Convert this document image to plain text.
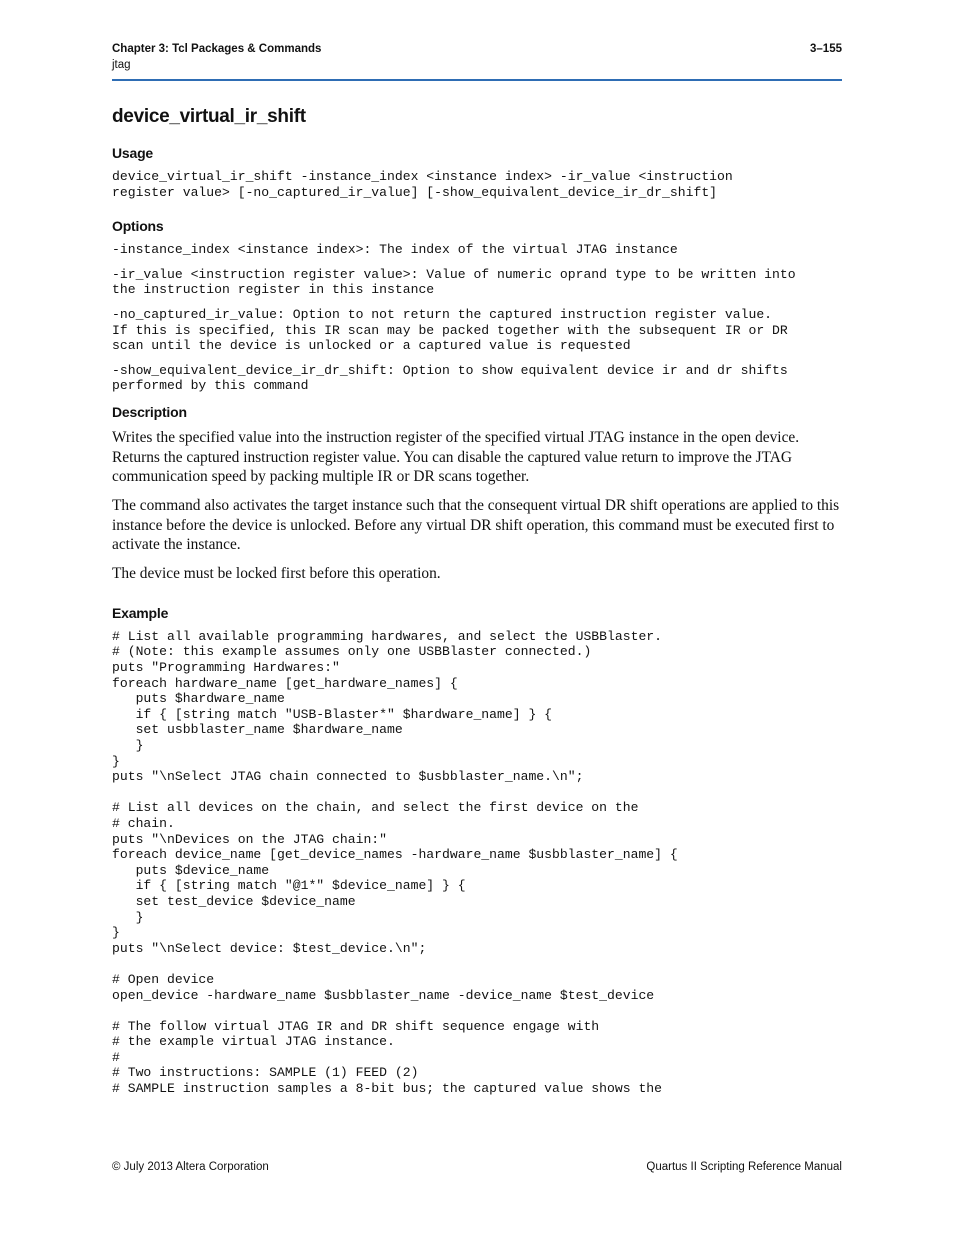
Chapter 3: Tcl Packages & Commands	3–155
jtag
device_virtual_ir_shift
Usage
device_virtual_ir_shift -instance_index <instance index> -ir_value <instruction
register value> [-no_captured_ir_value] [-show_equivalent_device_ir_dr_shift]
Options
-instance_index <instance index>: The index of the virtual JTAG instance
-ir_value <instruction register value>: Value of numeric oprand type to be written into
the instruction register in this instance
-no_captured_ir_value: Option to not return the captured instruction register value.
If this is specified, this IR scan may be packed together with the subsequent IR or DR
scan until the device is unlocked or a captured value is requested
-show_equivalent_device_ir_dr_shift: Option to show equivalent device ir and dr shifts
performed by this command
Description

Writes the specified value into the instruction register of the specified virtual JTAG instance in the open device. Returns the captured instruction register value. You can disable the captured value return to improve the JTAG communication speed by packing multiple IR or DR scans together.

The command also activates the target instance such that the consequent virtual DR shift operations are applied to this instance before the device is unlocked. Before any virtual DR shift operation, this command must be executed first to activate the instance.

The device must be locked first before this operation.

Example
# List all available programming hardwares, and select the USBBlaster.
# (Note: this example assumes only one USBBlaster connected.)
puts "Programming Hardwares:"
foreach hardware_name [get_hardware_names] {
puts $hardware_name
if { [string match "USB-Blaster*" $hardware_name] } {
set usbblaster_name $hardware_name
}
}
puts "\nSelect JTAG chain connected to $usbblaster_name.\n";

# List all devices on the chain, and select the first device on the
# chain.
puts "\nDevices on the JTAG chain:"
foreach device_name [get_device_names -hardware_name $usbblaster_name] {
puts $device_name
if { [string match "@1*" $device_name] } {
set test_device $device_name
}
}
puts "\nSelect device: $test_device.\n";

# Open device
open_device -hardware_name $usbblaster_name -device_name $test_device

# The follow virtual JTAG IR and DR shift sequence engage with
# the example virtual JTAG instance.
#
# Two instructions: SAMPLE (1) FEED (2)
# SAMPLE instruction samples a 8-bit bus; the captured value shows the
© July 2013 Altera Corporation	Quartus II Scripting Reference Manual
